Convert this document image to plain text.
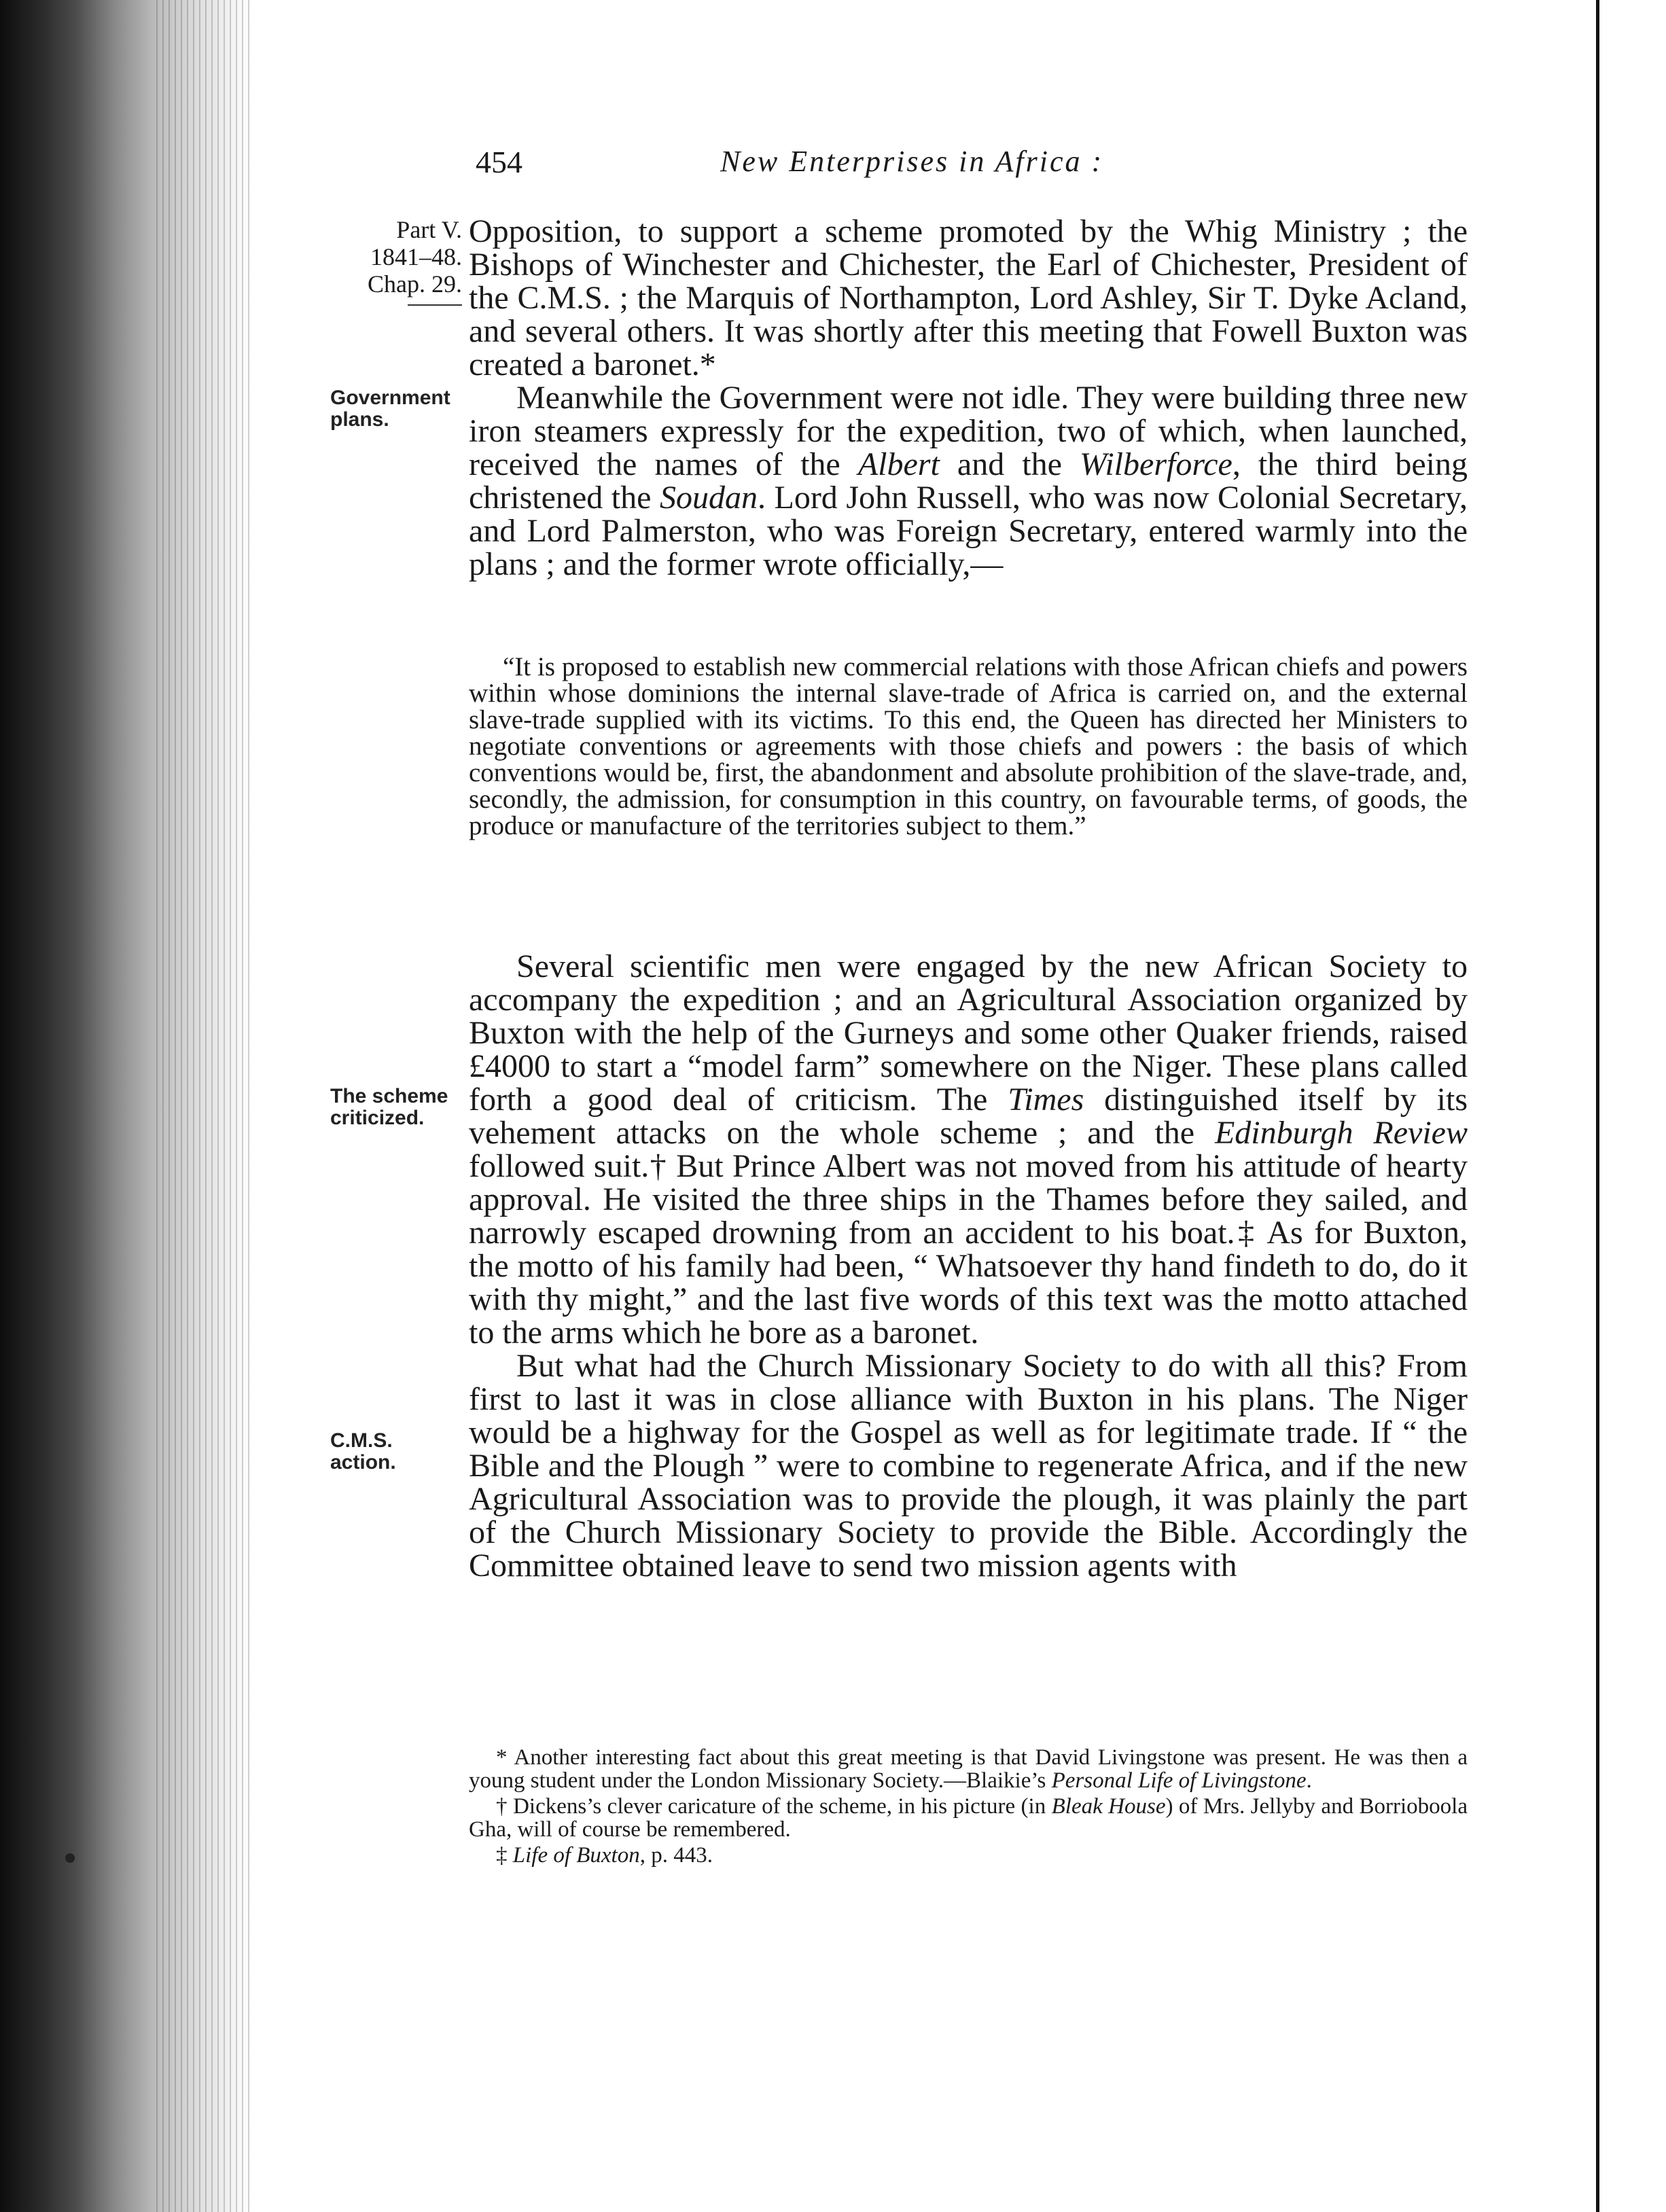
454	New Enterprises in Africa :
Part V.
1841–48.
Chap. 29.
Government plans.
The scheme criticized.
C.M.S. action.

Opposition, to support a scheme promoted by the Whig Ministry ; the Bishops of Winchester and Chichester, the Earl of Chichester, President of the C.M.S. ; the Marquis of Northampton, Lord Ashley, Sir T. Dyke Acland, and several others. It was shortly after this meeting that Fowell Buxton was created a baronet.*

Meanwhile the Government were not idle. They were building three new iron steamers expressly for the expedition, two of which, when launched, received the names of the Albert and the Wilberforce, the third being christened the Soudan. Lord John Russell, who was now Colonial Secretary, and Lord Palmerston, who was Foreign Secretary, entered warmly into the plans ; and the former wrote officially,—

“It is proposed to establish new commercial relations with those African chiefs and powers within whose dominions the internal slave-trade of Africa is carried on, and the external slave-trade supplied with its victims. To this end, the Queen has directed her Ministers to negotiate conventions or agreements with those chiefs and powers : the basis of which conventions would be, first, the abandonment and absolute prohibition of the slave-trade, and, secondly, the admission, for consumption in this country, on favourable terms, of goods, the produce or manufacture of the territories subject to them.”

Several scientific men were engaged by the new African Society to accompany the expedition ; and an Agricultural Association organized by Buxton with the help of the Gurneys and some other Quaker friends, raised £4000 to start a “model farm” somewhere on the Niger. These plans called forth a good deal of criticism. The Times distinguished itself by its vehement attacks on the whole scheme ; and the Edinburgh Review followed suit.† But Prince Albert was not moved from his attitude of hearty approval. He visited the three ships in the Thames before they sailed, and narrowly escaped drowning from an accident to his boat.‡ As for Buxton, the motto of his family had been, “ Whatsoever thy hand findeth to do, do it with thy might,” and the last five words of this text was the motto attached to the arms which he bore as a baronet.

But what had the Church Missionary Society to do with all this? From first to last it was in close alliance with Buxton in his plans. The Niger would be a highway for the Gospel as well as for legitimate trade. If “ the Bible and the Plough ” were to combine to regenerate Africa, and if the new Agricultural Association was to provide the plough, it was plainly the part of the Church Missionary Society to provide the Bible. Accordingly the Committee obtained leave to send two mission agents with

* Another interesting fact about this great meeting is that David Livingstone was present. He was then a young student under the London Missionary Society.—Blaikie’s Personal Life of Livingstone.

† Dickens’s clever caricature of the scheme, in his picture (in Bleak House) of Mrs. Jellyby and Borrioboola Gha, will of course be remembered.

‡ Life of Buxton, p. 443.
